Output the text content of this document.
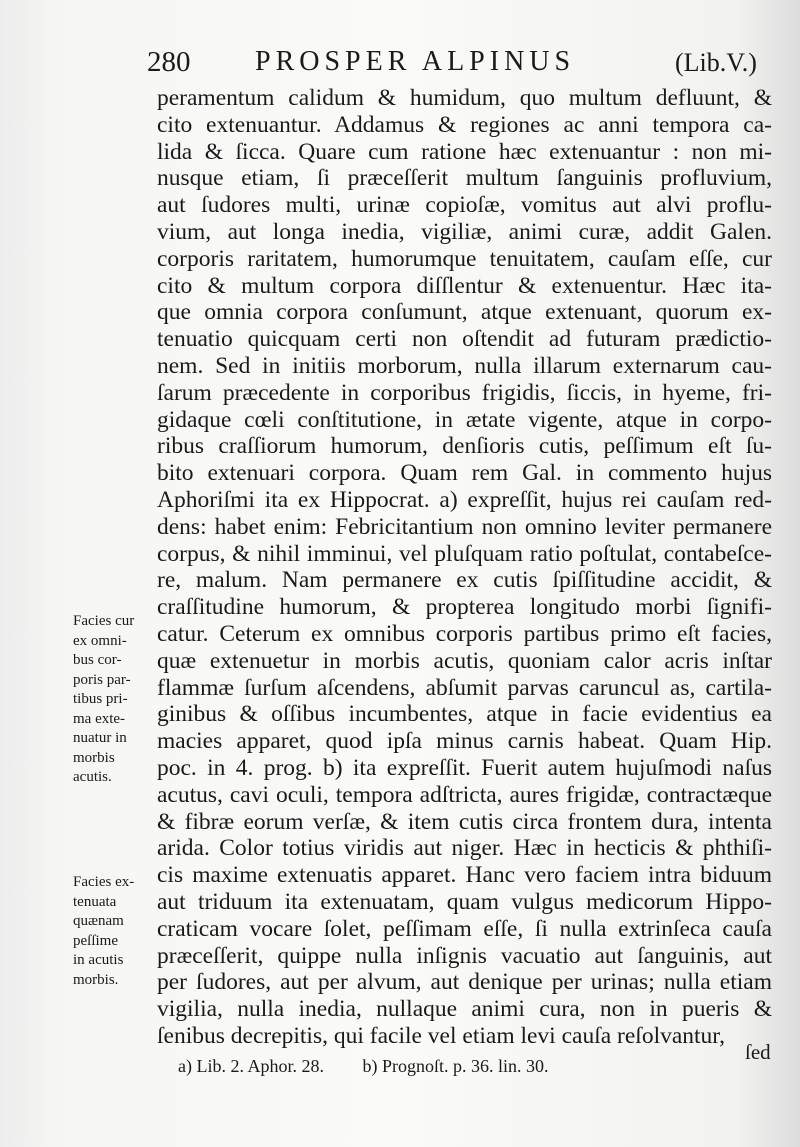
280 PROSPER ALPINUS	(Lib.V.)
peramentum calidum & humidum, quo multum defluunt, &
cito extenuantur. Addamus & regiones ac anni tempora ca-
lida & ſicca. Quare cum ratione hæc extenuantur : non mi-
nusque etiam, ſi præceſſerit multum ſanguinis profluvium,
aut ſudores multi, urinæ copioſæ, vomitus aut alvi proflu-
vium, aut longa inedia, vigiliæ, animi curæ, addit Galen.
corporis raritatem, humorumque tenuitatem, cauſam eſſe, cur
cito & multum corpora diſſlentur & extenuentur. Hæc ita-
que omnia corpora conſumunt, atque extenuant, quorum ex-
tenuatio quicquam certi non oſtendit ad futuram prædictio-
nem. Sed in initiis morborum, nulla illarum externarum cau-
ſarum præcedente in corporibus frigidis, ſiccis, in hyeme, fri-
gidaque cœli conſtitutione, in ætate vigente, atque in corpo-
ribus craſſiorum humorum, denſioris cutis, peſſimum eſt ſu-
bito extenuari corpora. Quam rem Gal. in commento hujus
Aphoriſmi ita ex Hippocrat. a) expreſſit, hujus rei cauſam red-
dens: habet enim: Febricitantium non omnino leviter permanere
corpus, & nihil imminui, vel pluſquam ratio poſtulat, contabeſce-
re, malum. Nam permanere ex cutis ſpiſſitudine accidit, &
craſſitudine humorum, & propterea longitudo morbi ſignifi-
catur. Ceterum ex omnibus corporis partibus primo eſt facies,
quæ extenuetur in morbis acutis, quoniam calor acris inſtar
flammæ ſurſum aſcendens, abſumit parvas caruncul as, cartila-
ginibus & oſſibus incumbentes, atque in facie evidentius ea
macies apparet, quod ipſa minus carnis habeat. Quam Hip.
poc. in 4. prog. b) ita expreſſit. Fuerit autem hujuſmodi naſus
acutus, cavi oculi, tempora adſtricta, aures frigidæ, contractæque
& fibræ eorum verſæ, & item cutis circa frontem dura, intenta
arida. Color totius viridis aut niger. Hæc in hecticis & phthiſi-
cis maxime extenuatis apparet. Hanc vero faciem intra biduum
aut triduum ita extenuatam, quam vulgus medicorum Hippo-
craticam vocare ſolet, peſſimam eſſe, ſi nulla extrinſeca cauſa
præceſſerit, quippe nulla inſignis vacuatio aut ſanguinis, aut
per ſudores, aut per alvum, aut denique per urinas; nulla etiam
vigilia, nulla inedia, nullaque animi cura, non in pueris &
ſenibus decrepitis, qui facile vel etiam levi cauſa reſolvantur,
Facies cur
ex omni-
bus cor-
poris par-
tibus pri-
ma exte-
nuatur in
morbis
acutis.
Facies ex-
tenuata
quænam
peſſime
in acutis
morbis.
a) Lib. 2. Aphor. 28. b) Prognoſt. p. 36. lin. 30.
ſed
